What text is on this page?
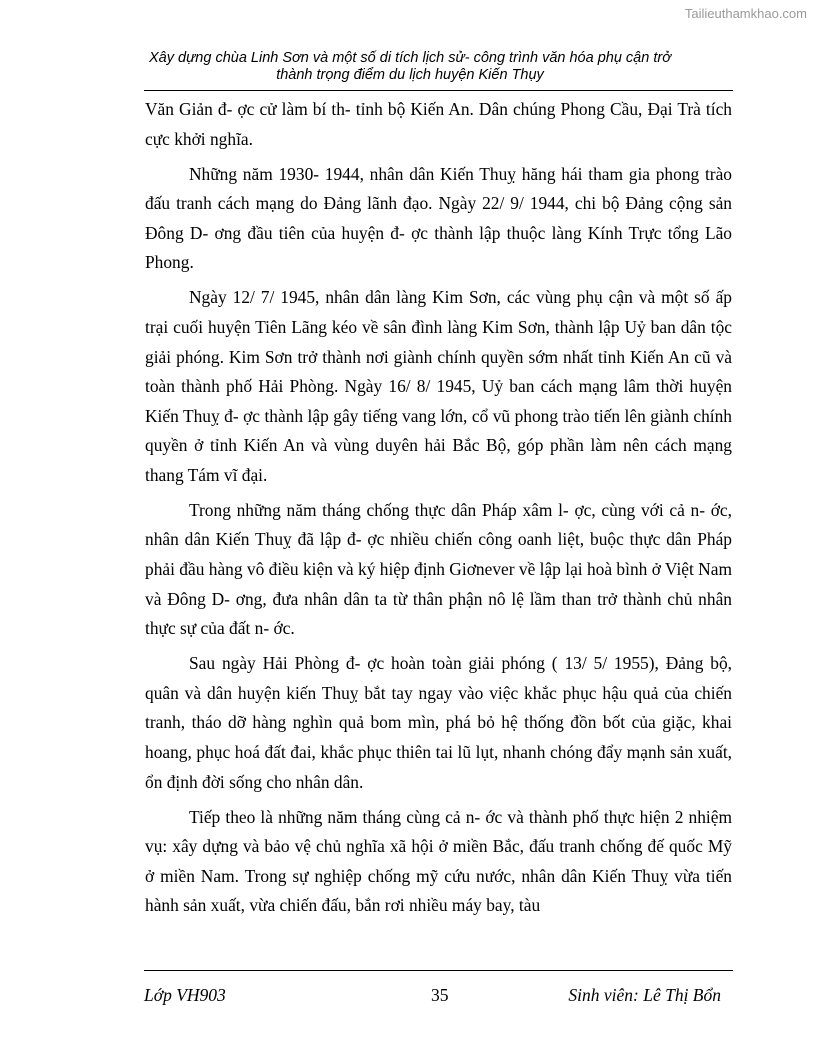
Tailieuthamkhao.com
Xây dựng chùa Linh Sơn và một số di tích lịch sử- công trình văn hóa phụ cận trở
thành trọng điểm du lịch huyện Kiến Thụy

Văn Giản đ- ợc cử làm bí th- tỉnh bộ Kiến An. Dân chúng Phong Cầu, Đại Trà tích cực khởi nghĩa.

Những năm 1930- 1944, nhân dân Kiến Thuỵ hăng hái tham gia phong trào đấu tranh cách mạng do Đảng lãnh đạo. Ngày 22/ 9/ 1944, chi bộ Đảng cộng sản Đông D- ơng đầu tiên của huyện đ- ợc thành lập thuộc làng Kính Trực tổng Lão Phong.

Ngày 12/ 7/ 1945, nhân dân làng Kim Sơn, các vùng phụ cận và một số ấp trại cuối huyện Tiên Lãng kéo về sân đình làng Kim Sơn, thành lập Uỷ ban dân tộc giải phóng. Kim Sơn trở thành nơi giành chính quyền sớm nhất tỉnh Kiến An cũ và toàn thành phố Hải Phòng. Ngày 16/ 8/ 1945, Uỷ ban cách mạng lâm thời huyện Kiến Thuỵ đ- ợc thành lập gây tiếng vang lớn, cổ vũ phong trào tiến lên giành chính quyền ở tỉnh Kiến An và vùng duyên hải Bắc Bộ, góp phần làm nên cách mạng thang Tám vĩ đại.

Trong những năm tháng chống thực dân Pháp xâm l- ợc, cùng với cả n- ớc, nhân dân Kiến Thuỵ đã lập đ- ợc nhiều chiến công oanh liệt, buộc thực dân Pháp phải đầu hàng vô điều kiện và ký hiệp định Giơnever về lập lại hoà bình ở Việt Nam và Đông D- ơng, đưa nhân dân ta từ thân phận nô lệ lầm than trở thành chủ nhân thực sự của đất n- ớc.

Sau ngày Hải Phòng đ- ợc hoàn toàn giải phóng ( 13/ 5/ 1955), Đảng bộ, quân và dân huyện kiến Thuỵ bắt tay ngay vào việc khắc phục hậu quả của chiến tranh, tháo dỡ hàng nghìn quả bom mìn, phá bỏ hệ thống đồn bốt của giặc, khai hoang, phục hoá đất đai, khắc phục thiên tai lũ lụt, nhanh chóng đẩy mạnh sản xuất, ổn định đời sống cho nhân dân.

Tiếp theo là những năm tháng cùng cả n- ớc và thành phố thực hiện 2 nhiệm vụ: xây dựng và bảo vệ chủ nghĩa xã hội ở miền Bắc, đấu tranh chống đế quốc Mỹ ở miền Nam. Trong sự nghiệp chống mỹ cứu nước, nhân dân Kiến Thuỵ vừa tiến hành sản xuất, vừa chiến đấu, bắn rơi nhiều máy bay, tàu

Lớp VH903	35	Sinh viên: Lê Thị Bổn
